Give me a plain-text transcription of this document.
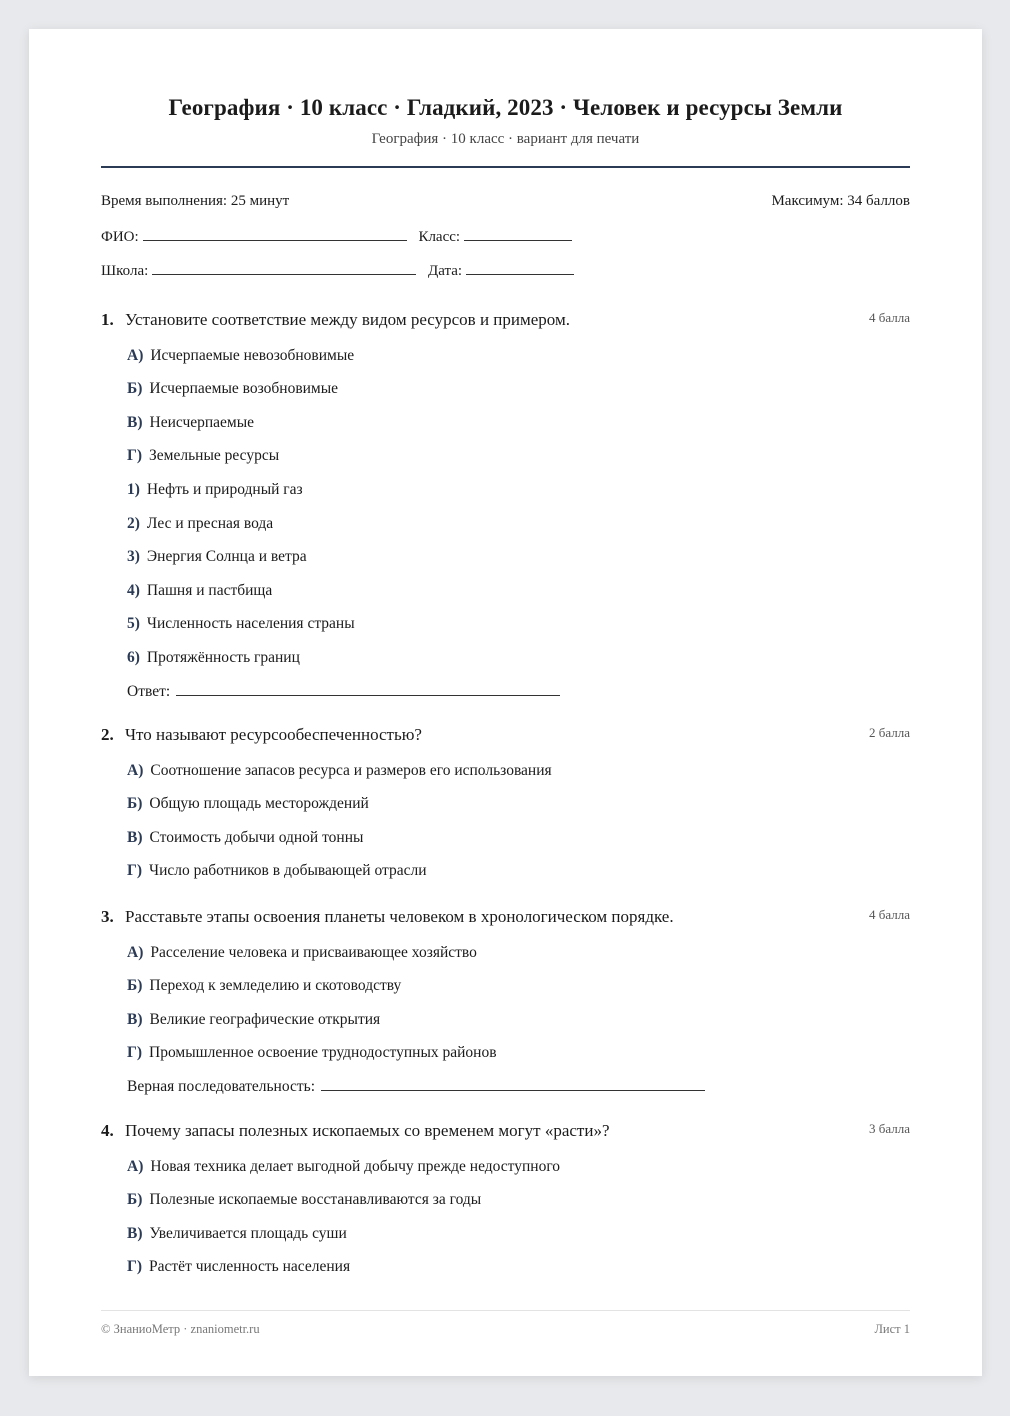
География · 10 класс · Гладкий, 2023 · Человек и ресурсы Земли
География · 10 класс · вариант для печати
Время выполнения: 25 минут	Максимум: 34 баллов
ФИО:	Класс:
Школа:	Дата:
1. Установите соответствие между видом ресурсов и примером.	4 балла
А) Исчерпаемые невозобновимые
Б) Исчерпаемые возобновимые
В) Неисчерпаемые
Г) Земельные ресурсы
1) Нефть и природный газ
2) Лес и пресная вода
3) Энергия Солнца и ветра
4) Пашня и пастбища
5) Численность населения страны
6) Протяжённость границ
Ответ:
2. Что называют ресурсообеспеченностью?	2 балла
А) Соотношение запасов ресурса и размеров его использования
Б) Общую площадь месторождений
В) Стоимость добычи одной тонны
Г) Число работников в добывающей отрасли
3. Расставьте этапы освоения планеты человеком в хронологическом порядке.	4 балла
А) Расселение человека и присваивающее хозяйство
Б) Переход к земледелию и скотоводству
В) Великие географические открытия
Г) Промышленное освоение труднодоступных районов
Верная последовательность:
4. Почему запасы полезных ископаемых со временем могут «расти»?	3 балла
А) Новая техника делает выгодной добычу прежде недоступного
Б) Полезные ископаемые восстанавливаются за годы
В) Увеличивается площадь суши
Г) Растёт численность населения
© ЗнаниоМетр · znaniometr.ru	Лист 1
